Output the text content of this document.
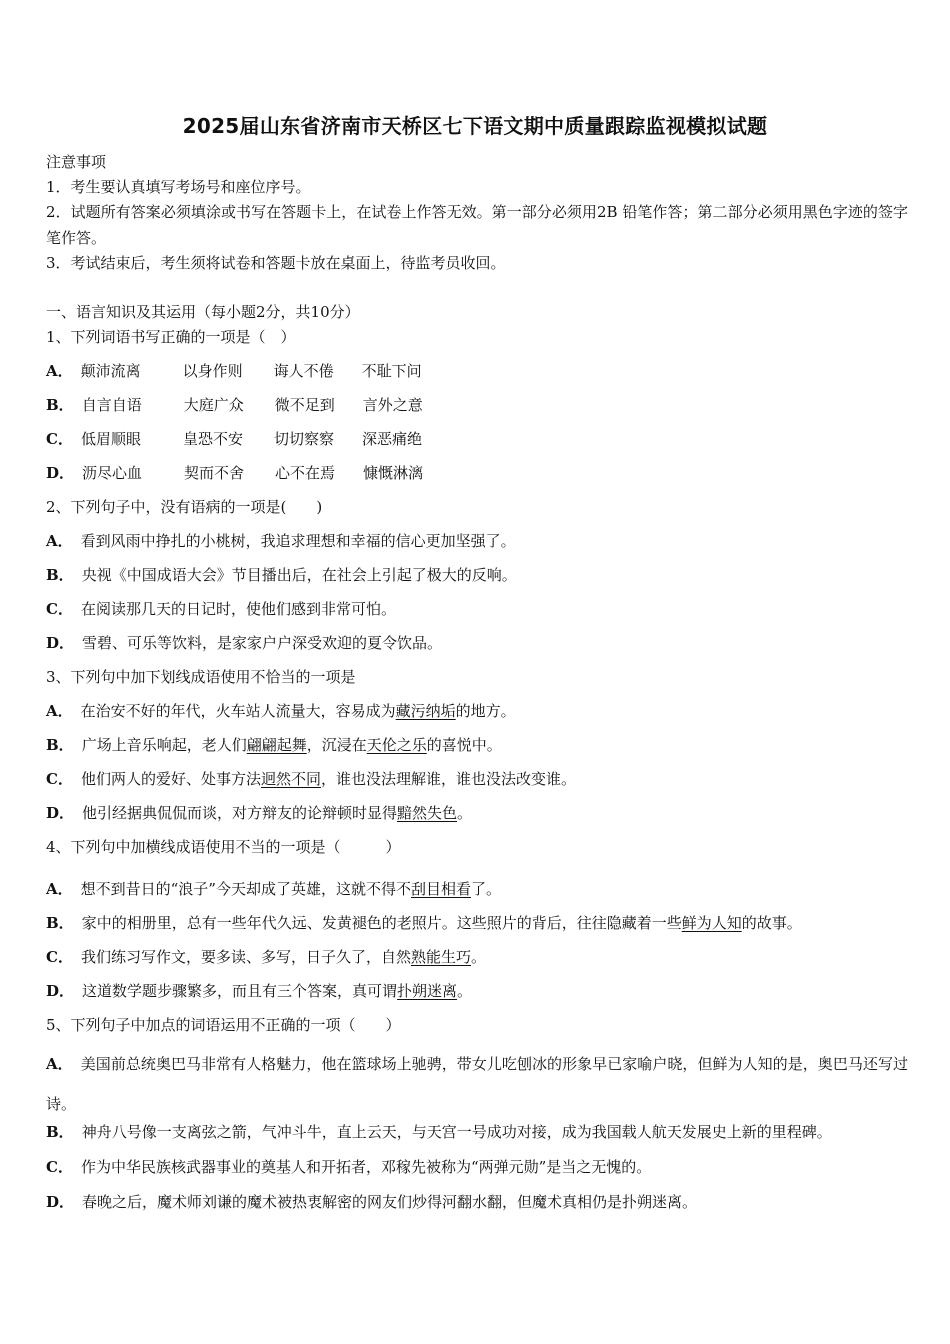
2025届山东省济南市天桥区七下语文期中质量跟踪监视模拟试题
注意事项
1．考生要认真填写考场号和座位序号。
2．试题所有答案必须填涂或书写在答题卡上，在试卷上作答无效。第一部分必须用2B 铅笔作答；第二部分必须用黑色字迹的签字笔作答。
3．考试结束后，考生须将试卷和答题卡放在桌面上，待监考员收回。
一、语言知识及其运用（每小题2分，共10分）
1、下列词语书写正确的一项是（　）
A． 颠沛流离	以身作则 诲人不倦 不耻下问
B． 自言自语	大庭广众 微不足到 言外之意
C． 低眉顺眼	皇恐不安 切切察察 深恶痛绝
D． 沥尽心血	契而不舍 心不在焉 慷慨淋漓
2、下列句子中，没有语病的一项是(　　)
A． 看到风雨中挣扎的小桃树，我追求理想和幸福的信心更加坚强了。
B． 央视《中国成语大会》节目播出后，在社会上引起了极大的反响。
C． 在阅读那几天的日记时，使他们感到非常可怕。
D． 雪碧、可乐等饮料，是家家户户深受欢迎的夏令饮品。
3、下列句中加下划线成语使用不恰当的一项是
A． 在治安不好的年代，火车站人流量大，容易成为藏污纳垢的地方。
B． 广场上音乐响起，老人们翩翩起舞，沉浸在天伦之乐的喜悦中。
C． 他们两人的爱好、处事方法迥然不同，谁也没法理解谁，谁也没法改变谁。
D． 他引经据典侃侃而谈，对方辩友的论辩顿时显得黯然失色。
4、下列句中加横线成语使用不当的一项是（　　　）
A． 想不到昔日的“浪子”今天却成了英雄，这就不得不刮目相看了。
B． 家中的相册里，总有一些年代久远、发黄褪色的老照片。这些照片的背后，往往隐藏着一些鲜为人知的故事。
C． 我们练习写作文，要多读、多写，日子久了，自然熟能生巧。
D． 这道数学题步骤繁多，而且有三个答案，真可谓扑朔迷离。
5、下列句子中加点的词语运用不正确的一项（　　）
A． 美国前总统奥巴马非常有人格魅力，他在篮球场上驰骋，带女儿吃刨冰的形象早已家喻户晓，但鲜为人知的是，奥巴马还写过诗。
B． 神舟八号像一支离弦之箭，气冲斗牛，直上云天，与天宫一号成功对接，成为我国载人航天发展史上新的里程碑。
C． 作为中华民族核武器事业的奠基人和开拓者，邓稼先被称为“两弹元勋”是当之无愧的。
D． 春晚之后，魔术师刘谦的魔术被热衷解密的网友们炒得河翻水翻，但魔术真相仍是扑朔迷离。
